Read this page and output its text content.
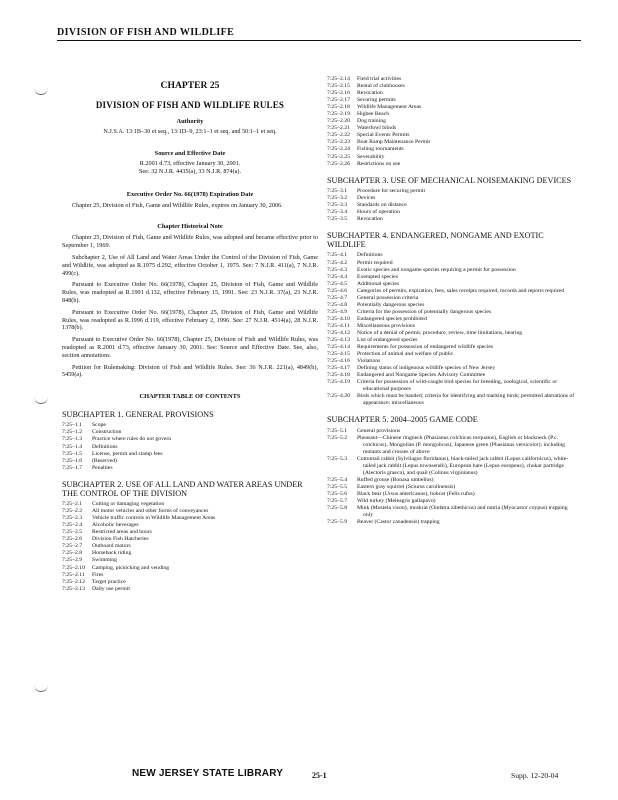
DIVISION OF FISH AND WILDLIFE
CHAPTER 25
DIVISION OF FISH AND WILDLIFE RULES
Authority
N.J.S.A. 13:1B–30 et seq., 13:1D–9, 23:1–1 et seq. and 50:1–1 et seq.
Source and Effective Date
R.2001 d.73, effective January 30, 2001.
See: 32 N.J.R. 4435(a), 33 N.J.R. 874(a).
Executive Order No. 66(1978) Expiration Date
Chapter 25, Division of Fish, Game and Wildlife Rules, expires on January 30, 2006.
Chapter Historical Note
Chapter 25, Division of Fish, Game and Wildlife Rules, was adopted and became effective prior to September 1, 1969.
Subchapter 2, Use of All Land and Water Areas Under the Control of the Division of Fish, Game and Wildlife, was adopted as R.1975 d.292, effective October 1, 1975. See: 7 N.J.R. 411(a), 7 N.J.R. 499(c).
Pursuant to Executive Order No. 66(1978), Chapter 25, Division of Fish, Game and Wildlife Rules, was readopted as R.1991 d.132, effective February 15, 1991. See: 23 N.J.R. 37(a), 23 N.J.R. 848(b).
Pursuant to Executive Order No. 66(1978), Chapter 25, Division of Fish, Game and Wildlife Rules, was readopted as R.1996 d.119, effective February 2, 1996. See: 27 N.J.R. 4514(a), 28 N.J.R. 1378(b).
Pursuant to Executive Order No. 66(1978), Chapter 25, Division of Fish and Wildlife Rules, was readopted as R.2001 d.73, effective January 30, 2001. See: Source and Effective Date. See, also, section annotations.
Petition for Rulemaking: Division of Fish and Wildlife Rules. See: 36 N.J.R. 221(a), 4849(b), 5459(a).
CHAPTER TABLE OF CONTENTS
SUBCHAPTER 1. GENERAL PROVISIONS
7:25–1.1	Scope
7:25–1.2	Construction
7:25–1.3	Practice where rules do not govern
7:25–1.4	Definitions
7:25–1.5	License, permit and stamp fees
7:25–1.6	(Reserved)
7:25–1.7	Penalties
SUBCHAPTER 2. USE OF ALL LAND AND WATER AREAS UNDER THE CONTROL OF THE DIVISION
7:25–2.1	Cutting or damaging vegetation
7:25–2.2	All motor vehicles and other forms of conveyances
7:25–2.3	Vehicle traffic controls in Wildlife Management Areas
7:25–2.4	Alcoholic beverages
7:25–2.5	Restricted areas and hours
7:25–2.6	Division Fish Hatcheries
7:25–2.7	Outboard motors
7:25–2.8	Horseback riding
7:25–2.9	Swimming
7:25–2.10	Camping, picnicking and vending
7:25–2.11	Fires
7:25–2.12	Target practice
7:25–2.13	Daily use permit
7:25–2.14	Field trial activities
7:25–2.15	Rental of clubhouses
7:25–2.16	Revocation
7:25–2.17	Securing permits
7:25–2.18	Wildlife Management Areas
7:25–2.19	Higbee Beach
7:25–2.20	Dog training
7:25–2.21	Waterfowl blinds
7:25–2.22	Special Events Permits
7:25–2.23	Boat Ramp Maintenance Permit
7:25–2.24	Fishing tournaments
7:25–2.25	Severability
7:25–2.26	Restrictions on use
SUBCHAPTER 3. USE OF MECHANICAL NOISEMAKING DEVICES
7:25–3.1	Procedure for securing permit
7:25–3.2	Devices
7:25–3.3	Standards on distance
7:25–3.4	Hours of operation
7:25–3.5	Revocation
SUBCHAPTER 4. ENDANGERED, NONGAME AND EXOTIC WILDLIFE
7:25–4.1	Definitions
7:25–4.2	Permit required
7:25–4.3	Exotic species and nongame species requiring a permit for possession
7:25–4.4	Exempted species
7:25–4.5	Additional species
7:25–4.6	Categories of permits, expiration, fees, sales receipts required, records and reports required
7:25–4.7	General possession criteria
7:25–4.8	Potentially dangerous species
7:25–4.9	Criteria for the possession of potentially dangerous species
7:25–4.10	Endangered species prohibited
7:25–4.11	Miscellaneous provisions
7:25–4.12	Notice of a denial of permit, procedure, review, time limitations, hearing
7:25–4.13	List of endangered species
7:25–4.14	Requirements for possession of endangered wildlife species
7:25–4.15	Protection of animal and welfare of public
7:25–4.16	Violations
7:25–4.17	Defining status of indigenous wildlife species of New Jersey
7:25–4.18	Endangered and Nongame Species Advisory Committee
7:25–4.19	Criteria for possession of wild-caught bird species for breeding, zoological, scientific or educational purposes
7:25–4.20	Birds which must be banded; criteria for identifying and marking birds; permitted alterations of appearance; miscellaneous
SUBCHAPTER 5. 2004–2005 GAME CODE
7:25–5.1	General provisions
7:25–5.2	Pheasant—Chinese ringneck (Phasianus colchicus torquatus), English or blackneck (P.c. colchicus), Mongolian (P. mongolicus), Japanese green (Phasianus versicolor); including mutants and crosses of above
7:25–5.3	Cottontail rabbit (Sylvilagus floridanus), black-tailed jack rabbit (Lepus californicus), white-tailed jack rabbit (Lepus townsendii), European hare (Lepus europeus), chukar partridge (Alectoris graeca), and quail (Colinus virginianus)
7:25–5.4	Ruffed grouse (Bonasa umbellus)
7:25–5.5	Eastern gray squirrel (Sciurus carolinensis)
7:25–5.6	Black bear (Ursus americanus), bobcat (Felis rufus)
7:25–5.7	Wild turkey (Meleagris gallapavo)
7:25–5.8	Mink (Mustela vison), muskrat (Ondatra zibethicus) and nutria (Myocastor coypus) trapping only
7:25–5.9	Beaver (Castor canadensis) trapping
NEW JERSEY STATE LIBRARY	25-1	Supp. 12-20-04
